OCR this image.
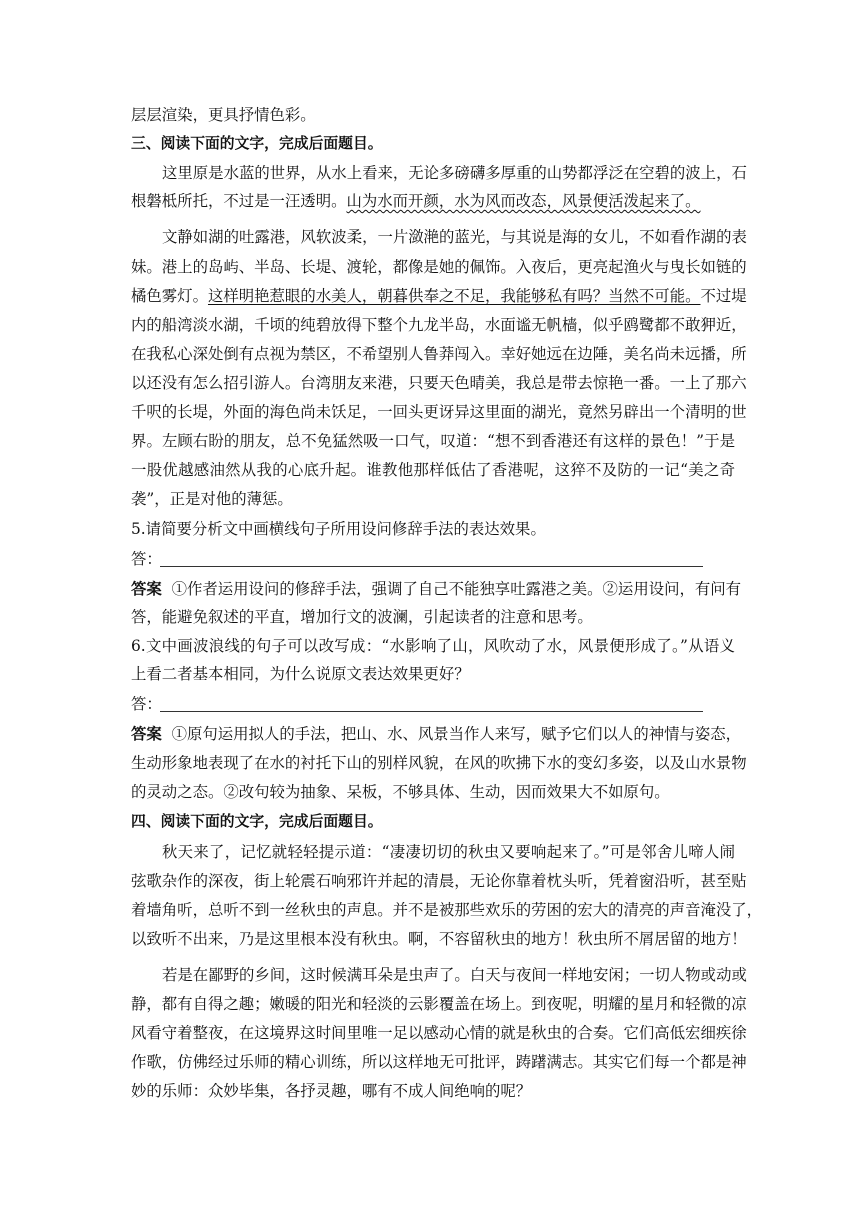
层层渲染，更具抒情色彩。
三、阅读下面的文字，完成后面题目。
这里原是水蓝的世界，从水上看来，无论多磅礴多厚重的山势都浮泛在空碧的波上，石
根磐柢所托，不过是一汪透明。山为水而开颜，水为风而改态，风景便活泼起来了。
文静如湖的吐露港，风软波柔，一片潋滟的蓝光，与其说是海的女儿，不如看作湖的表
妹。港上的岛屿、半岛、长堤、渡轮，都像是她的佩饰。入夜后，更亮起渔火与曳长如链的
橘色雾灯。这样明艳惹眼的水美人，朝暮供奉之不足，我能够私有吗？当然不可能。不过堤
内的船湾淡水湖，千顷的纯碧放得下整个九龙半岛，水面谧无帆樯，似乎鸥鹭都不敢狎近，
在我私心深处倒有点视为禁区，不希望别人鲁莽闯入。幸好她远在边陲，美名尚未远播，所
以还没有怎么招引游人。台湾朋友来港，只要天色晴美，我总是带去惊艳一番。一上了那六
千呎的长堤，外面的海色尚未饫足，一回头更讶异这里面的湖光，竟然另辟出一个清明的世
界。左顾右盼的朋友，总不免猛然吸一口气，叹道：“想不到香港还有这样的景色！”于是
一股优越感油然从我的心底升起。谁教他那样低估了香港呢，这猝不及防的一记“美之奇
袭”，正是对他的薄惩。
5.请简要分析文中画横线句子所用设问修辞手法的表达效果。
答：
答案 ①作者运用设问的修辞手法，强调了自己不能独享吐露港之美。②运用设问，有问有
答，能避免叙述的平直，增加行文的波澜，引起读者的注意和思考。
6.文中画波浪线的句子可以改写成：“水影响了山，风吹动了水，风景便形成了。”从语义
上看二者基本相同，为什么说原文表达效果更好？
答：
答案 ①原句运用拟人的手法，把山、水、风景当作人来写，赋予它们以人的神情与姿态，
生动形象地表现了在水的衬托下山的别样风貌，在风的吹拂下水的变幻多姿，以及山水景物
的灵动之态。②改句较为抽象、呆板，不够具体、生动，因而效果大不如原句。
四、阅读下面的文字，完成后面题目。
秋天来了，记忆就轻轻提示道：“凄凄切切的秋虫又要响起来了。”可是邻舍儿啼人闹
弦歌杂作的深夜，街上轮震石响邪许并起的清晨，无论你靠着枕头听，凭着窗沿听，甚至贴
着墙角听，总听不到一丝秋虫的声息。并不是被那些欢乐的劳困的宏大的清亮的声音淹没了，
以致听不出来，乃是这里根本没有秋虫。啊，不容留秋虫的地方！秋虫所不屑居留的地方！
若是在鄙野的乡间，这时候满耳朵是虫声了。白天与夜间一样地安闲；一切人物或动或
静，都有自得之趣；嫩暖的阳光和轻淡的云影覆盖在场上。到夜呢，明耀的星月和轻微的凉
风看守着整夜，在这境界这时间里唯一足以感动心情的就是秋虫的合奏。它们高低宏细疾徐
作歌，仿佛经过乐师的精心训练，所以这样地无可批评，踌躇满志。其实它们每一个都是神
妙的乐师：众妙毕集，各抒灵趣，哪有不成人间绝响的呢？
